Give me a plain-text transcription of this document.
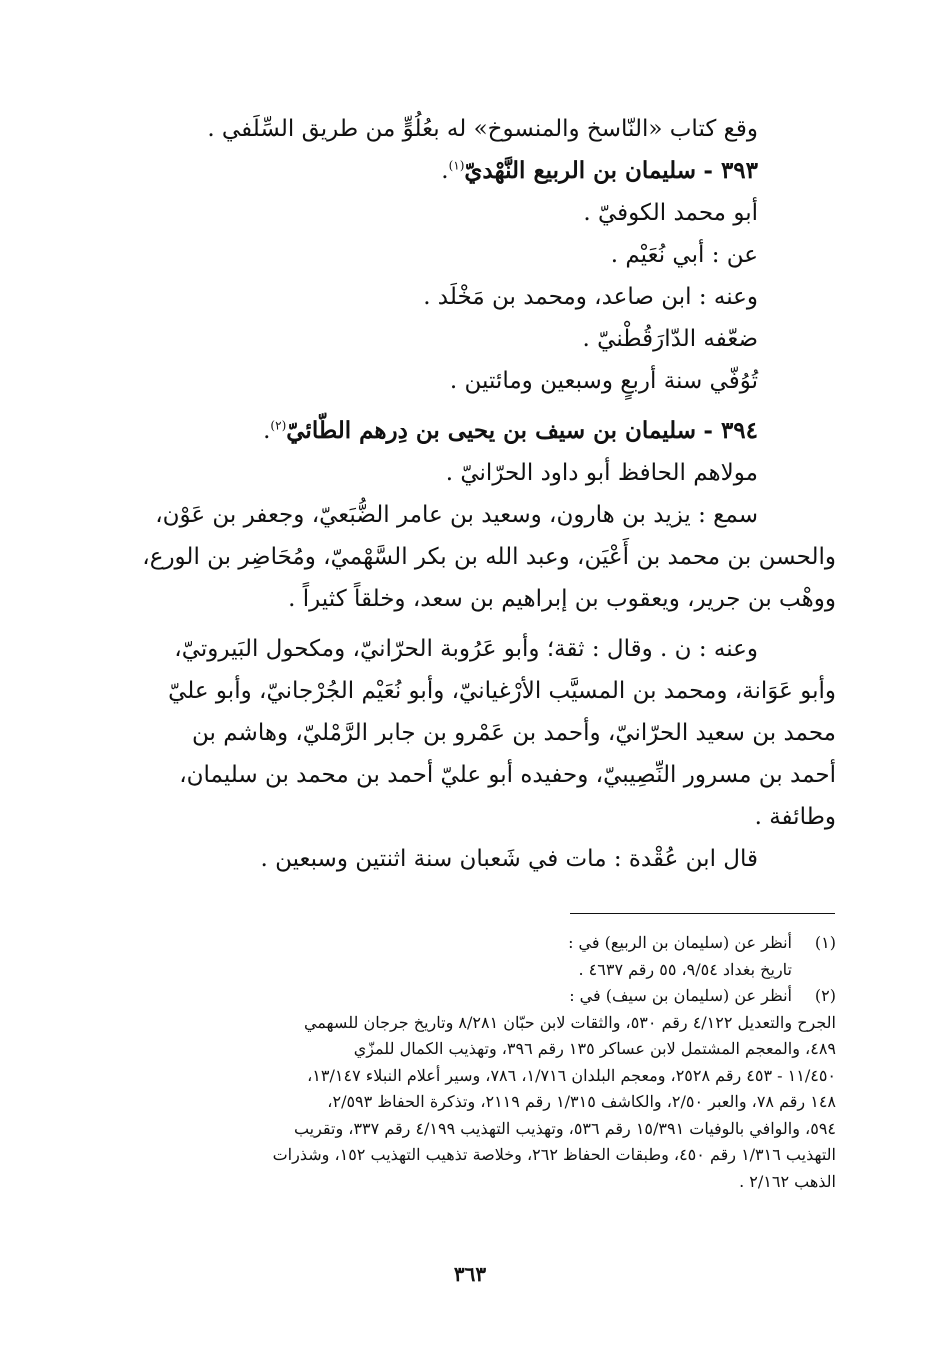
وقع كتاب «النّاسخ والمنسوخ» له بعُلُوٍّ من طريق السِّلَفي .

٣٩٣ - سليمان بن الربيع النَّهْديّ$^{(١)}$.

أبو محمد الكوفيّ .

عن : أبي نُعَيْم .

وعنه : ابن صاعد، ومحمد بن مَخْلَد .

ضعّفه الدّارَقُطْنيّ .

تُوُفّي سنة أربعٍ وسبعين ومائتين .

٣٩٤ - سليمان بن سيف بن يحيى بن دِرهم الطّائيّ$^{(٢)}$.

مولاهم الحافظ أبو داود الحرّانيّ .

سمع : يزيد بن هارون، وسعيد بن عامر الضُّبَعيّ، وجعفر بن عَوْن،

والحسن بن محمد بن أَعْيَن، وعبد الله بن بكر السَّهْميّ، ومُحَاضِر بن الورع،

ووهْب بن جرير، ويعقوب بن إبراهيم بن سعد، وخلقاً كثيراً .

وعنه : ن . وقال : ثقة؛ وأبو عَرُوبة الحرّانيّ، ومكحول البَيروتيّ،

وأبو عَوَانة، ومحمد بن المسيَّب الأرْغيانيّ، وأبو نُعَيْم الجُرْجانيّ، وأبو عليّ

محمد بن سعيد الحرّانيّ، وأحمد بن عَمْرو بن جابر الرَّمْليّ، وهاشم بن

أحمد بن مسرور النِّصِيبيّ، وحفيده أبو عليّ أحمد بن محمد بن سليمان،

وطائفة .

قال ابن عُقْدة : مات في شَعبان سنة اثنتين وسبعين .

(١)
أنظر عن (سليمان بن الربيع) في :
تاريخ بغداد ٩/٥٤، ٥٥ رقم ٤٦٣٧ .
(٢)
أنظر عن (سليمان بن سيف) في :
الجرح والتعديل ٤/١٢٢ رقم ٥٣٠، والثقات لابن حبّان ٨/٢٨١ وتاريخ جرجان للسهمي
٤٨٩، والمعجم المشتمل لابن عساكر ١٣٥ رقم ٣٩٦، وتهذيب الكمال للمزّي
١١/٤٥٠ - ٤٥٣ رقم ٢٥٢٨، ومعجم البلدان ١/٧١٦، ٧٨٦، وسير أعلام النبلاء ١٣/١٤٧،
١٤٨ رقم ٧٨، والعبر ٢/٥٠، والكاشف ١/٣١٥ رقم ٢١١٩، وتذكرة الحفاظ ٢/٥٩٣،
٥٩٤، والوافي بالوفيات ١٥/٣٩١ رقم ٥٣٦، وتهذيب التهذيب ٤/١٩٩ رقم ٣٣٧، وتقريب
التهذيب ١/٣١٦ رقم ٤٥٠، وطبقات الحفاظ ٢٦٢، وخلاصة تذهيب التهذيب ١٥٢، وشذرات
الذهب ٢/١٦٢ .
٣٦٣
